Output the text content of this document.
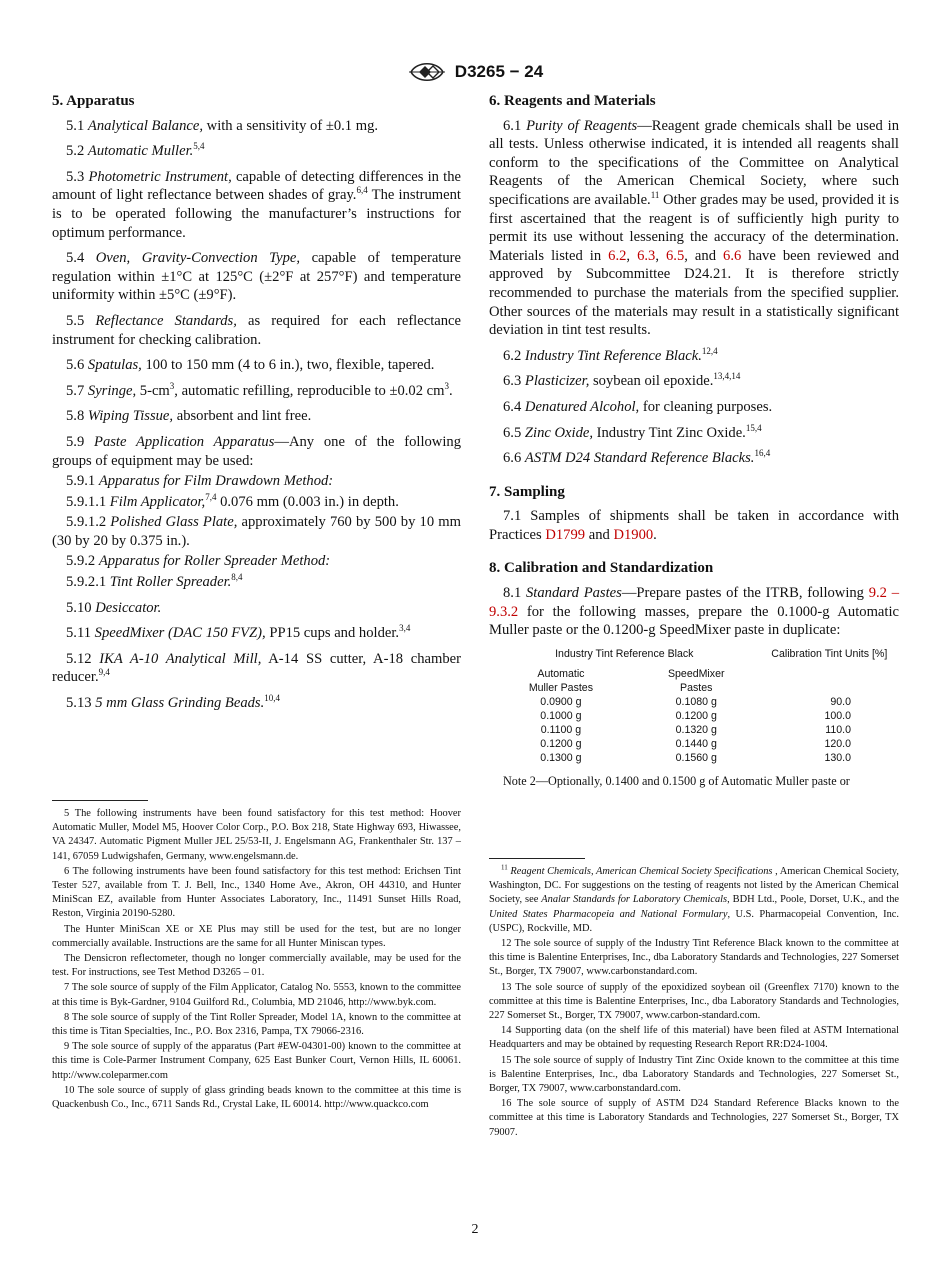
D3265 − 24
5. Apparatus

5.1 Analytical Balance, with a sensitivity of ±0.1 mg.

5.2 Automatic Muller.$^{5,4}$

5.3 Photometric Instrument, capable of detecting differences in the amount of light reflectance between shades of gray.$^{6,4}$ The instrument is to be operated following the manufacturer’s instructions for optimum performance.

5.4 Oven, Gravity-Convection Type, capable of temperature regulation within ±1°C at 125°C (±2°F at 257°F) and temperature uniformity within ±5°C (±9°F).

5.5 Reflectance Standards, as required for each reflectance instrument for checking calibration.

5.6 Spatulas, 100 to 150 mm (4 to 6 in.), two, flexible, tapered.

5.7 Syringe, $5-cm^3$, automatic refilling, reproducible to ±0.02 $cm^3$.

5.8 Wiping Tissue, absorbent and lint free.

5.9 Paste Application Apparatus—Any one of the following groups of equipment may be used:

5.9.1 Apparatus for Film Drawdown Method:

5.9.1.1 Film Applicator,$^{7,4}$ 0.076 mm (0.003 in.) in depth.

5.9.1.2 Polished Glass Plate, approximately 760 by 500 by 10 mm (30 by 20 by 0.375 in.).

5.9.2 Apparatus for Roller Spreader Method:

5.9.2.1 Tint Roller Spreader.$^{8,4}$

5.10 Desiccator.

5.11 SpeedMixer (DAC 150 FVZ), PP15 cups and holder.$^{3,4}$

5.12 IKA A-10 Analytical Mill, A-14 SS cutter, A-18 chamber reducer.$^{9,4}$

5.13 5 mm Glass Grinding Beads.$^{10,4}$

5 The following instruments have been found satisfactory for this test method: Hoover Automatic Muller, Model M5, Hoover Color Corp., P.O. Box 218, State Highway 693, Hiwassee, VA 24347. Automatic Pigment Muller JEL 25/53-II, J. Engelsmann AG, Frankenthaler Str. 137 – 141, 67059 Ludwigshafen, Germany, www.engelsmann.de.

6 The following instruments have been found satisfactory for this test method: Erichsen Tint Tester 527, available from T. J. Bell, Inc., 1340 Home Ave., Akron, OH 44310, and Hunter MiniScan EZ, available from Hunter Associates Laboratory, Inc., 11491 Sunset Hills Road, Reston, Virginia 20190-5280.

The Hunter MiniScan XE or XE Plus may still be used for the test, but are no longer commercially available. Instructions are the same for all Hunter Miniscan types.

The Densicron reflectometer, though no longer commercially available, may be used for the test. For instructions, see Test Method D3265 – 01.

7 The sole source of supply of the Film Applicator, Catalog No. 5553, known to the committee at this time is Byk-Gardner, 9104 Guilford Rd., Columbia, MD 21046, http://www.byk.com.

8 The sole source of supply of the Tint Roller Spreader, Model 1A, known to the committee at this time is Titan Specialties, Inc., P.O. Box 2316, Pampa, TX 79066-2316.

9 The sole source of supply of the apparatus (Part #EW-04301-00) known to the committee at this time is Cole-Parmer Instrument Company, 625 East Bunker Court, Vernon Hills, IL 60061. http://www.coleparmer.com

10 The sole source of supply of glass grinding beads known to the committee at this time is Quackenbush Co., Inc., 6711 Sands Rd., Crystal Lake, IL 60014. http://www.quackco.com

6. Reagents and Materials

6.1 Purity of Reagents—Reagent grade chemicals shall be used in all tests. Unless otherwise indicated, it is intended all reagents shall conform to the specifications of the Committee on Analytical Reagents of the American Chemical Society, where such specifications are available.$^{11}$ Other grades may be used, provided it is first ascertained that the reagent is of sufficiently high purity to permit its use without lessening the accuracy of the determination. Materials listed in 6.2, 6.3, 6.5, and 6.6 have been reviewed and approved by Subcommittee D24.21. It is therefore strictly recommended to purchase the materials from the specified supplier. Other sources of the materials may result in a statistically significant deviation in tint test results.

6.2 Industry Tint Reference Black.$^{12,4}$

6.3 Plasticizer, soybean oil epoxide.$^{13,4,14}$

6.4 Denatured Alcohol, for cleaning purposes.

6.5 Zinc Oxide, Industry Tint Zinc Oxide.$^{15,4}$

6.6 ASTM D24 Standard Reference Blacks.$^{16,4}$

7. Sampling

7.1 Samples of shipments shall be taken in accordance with Practices D1799 and D1900.

8. Calibration and Standardization

8.1 Standard Pastes—Prepare pastes of the ITRB, following 9.2 – 9.3.2 for the following masses, prepare the 0.1000-g Automatic Muller paste or the 0.1200-g SpeedMixer paste in duplicate:

Industry Tint Reference Black		Calibration Tint Units [%]

Automatic
Muller Pastes	SpeedMixer
Pastes	
0.0900 g	0.1080 g	90.0
0.1000 g	0.1200 g	100.0
0.1100 g	0.1320 g	110.0
0.1200 g	0.1440 g	120.0
0.1300 g	0.1560 g	130.0

Note 2—Optionally, 0.1400 and 0.1500 g of Automatic Muller paste or

$^{11}$ Reagent Chemicals, American Chemical Society Specifications , American Chemical Society, Washington, DC. For suggestions on the testing of reagents not listed by the American Chemical Society, see Analar Standards for Laboratory Chemicals, BDH Ltd., Poole, Dorset, U.K., and the United States Pharmacopeia and National Formulary, U.S. Pharmacopeial Convention, Inc. (USPC), Rockville, MD.

12 The sole source of supply of the Industry Tint Reference Black known to the committee at this time is Balentine Enterprises, Inc., dba Laboratory Standards and Technologies, 227 Somerset St., Borger, TX 79007, www.carbonstandard.com.

13 The sole source of supply of the epoxidized soybean oil (Greenflex 7170) known to the committee at this time is Balentine Enterprises, Inc., dba Laboratory Standards and Technologies, 227 Somerset St., Borger, TX 79007, www.carbon-standard.com.

14 Supporting data (on the shelf life of this material) have been filed at ASTM International Headquarters and may be obtained by requesting Research Report RR:D24-1004.

15 The sole source of supply of Industry Tint Zinc Oxide known to the committee at this time is Balentine Enterprises, Inc., dba Laboratory Standards and Technologies, 227 Somerset St., Borger, TX 79007, www.carbonstandard.com.

16 The sole source of supply of ASTM D24 Standard Reference Blacks known to the committee at this time is Laboratory Standards and Technologies, 227 Somerset St., Borger, TX 79007.

2
